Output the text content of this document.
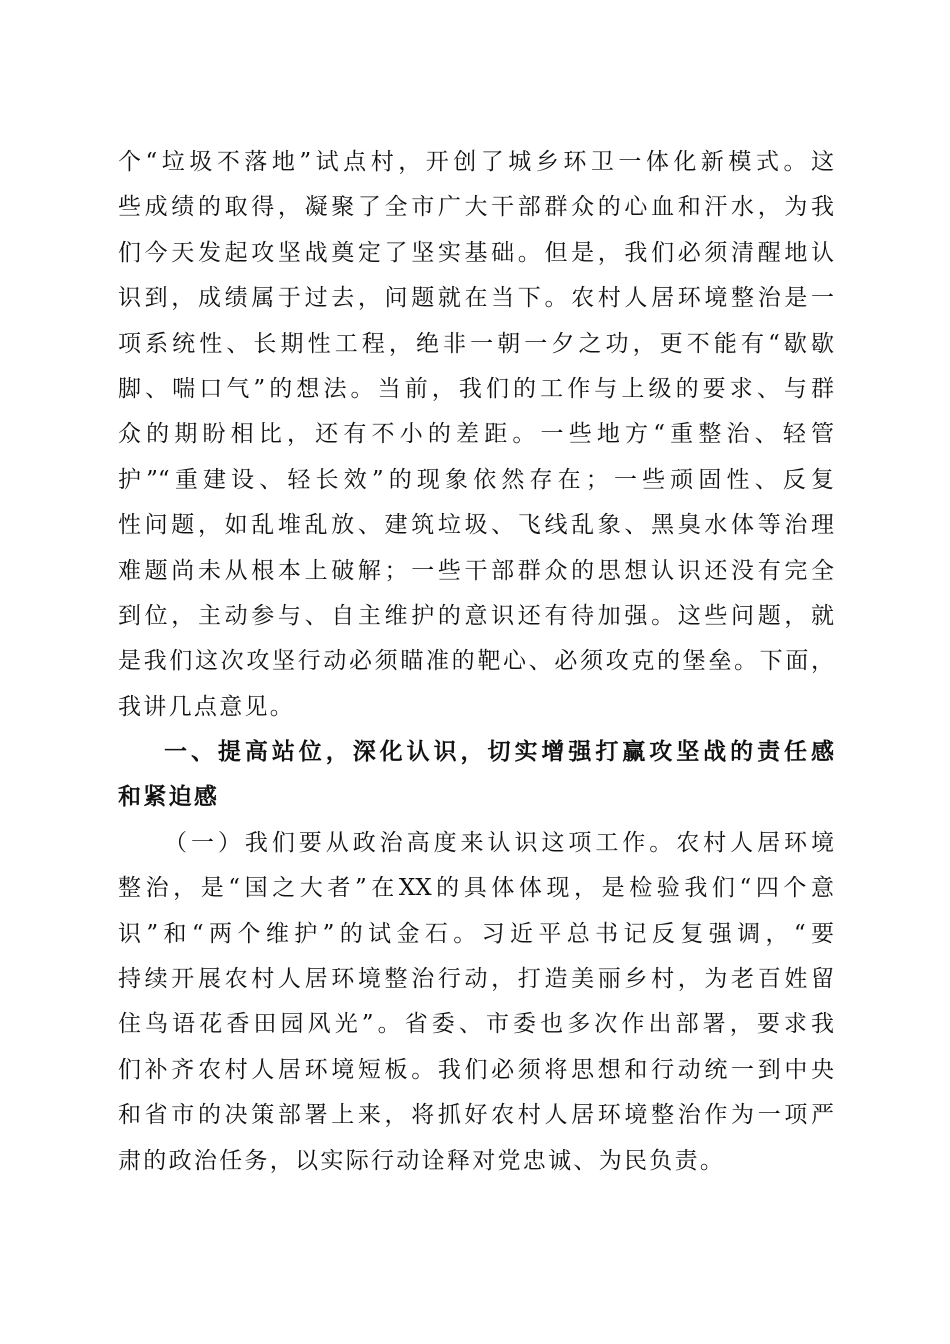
个“垃圾不落地”试点村，开创了城乡环卫一体化新模式。这
些成绩的取得，凝聚了全市广大干部群众的心血和汗水，为我
们今天发起攻坚战奠定了坚实基础。但是，我们必须清醒地认
识到，成绩属于过去，问题就在当下。农村人居环境整治是一
项系统性、长期性工程，绝非一朝一夕之功，更不能有“歇歇
脚、喘口气”的想法。当前，我们的工作与上级的要求、与群
众的期盼相比，还有不小的差距。一些地方“重整治、轻管
护”“重建设、轻长效”的现象依然存在；一些顽固性、反复
性问题，如乱堆乱放、建筑垃圾、飞线乱象、黑臭水体等治理
难题尚未从根本上破解；一些干部群众的思想认识还没有完全
到位，主动参与、自主维护的意识还有待加强。这些问题，就
是我们这次攻坚行动必须瞄准的靶心、必须攻克的堡垒。下面，
我讲几点意见。
一、提高站位，深化认识，切实增强打赢攻坚战的责任感
和紧迫感
（一）我们要从政治高度来认识这项工作。农村人居环境
整治，是“国之大者”在XX的具体体现，是检验我们“四个意
识”和“两个维护”的试金石。习近平总书记反复强调，“要
持续开展农村人居环境整治行动，打造美丽乡村，为老百姓留
住鸟语花香田园风光”。省委、市委也多次作出部署，要求我
们补齐农村人居环境短板。我们必须将思想和行动统一到中央
和省市的决策部署上来，将抓好农村人居环境整治作为一项严
肃的政治任务，以实际行动诠释对党忠诚、为民负责。
